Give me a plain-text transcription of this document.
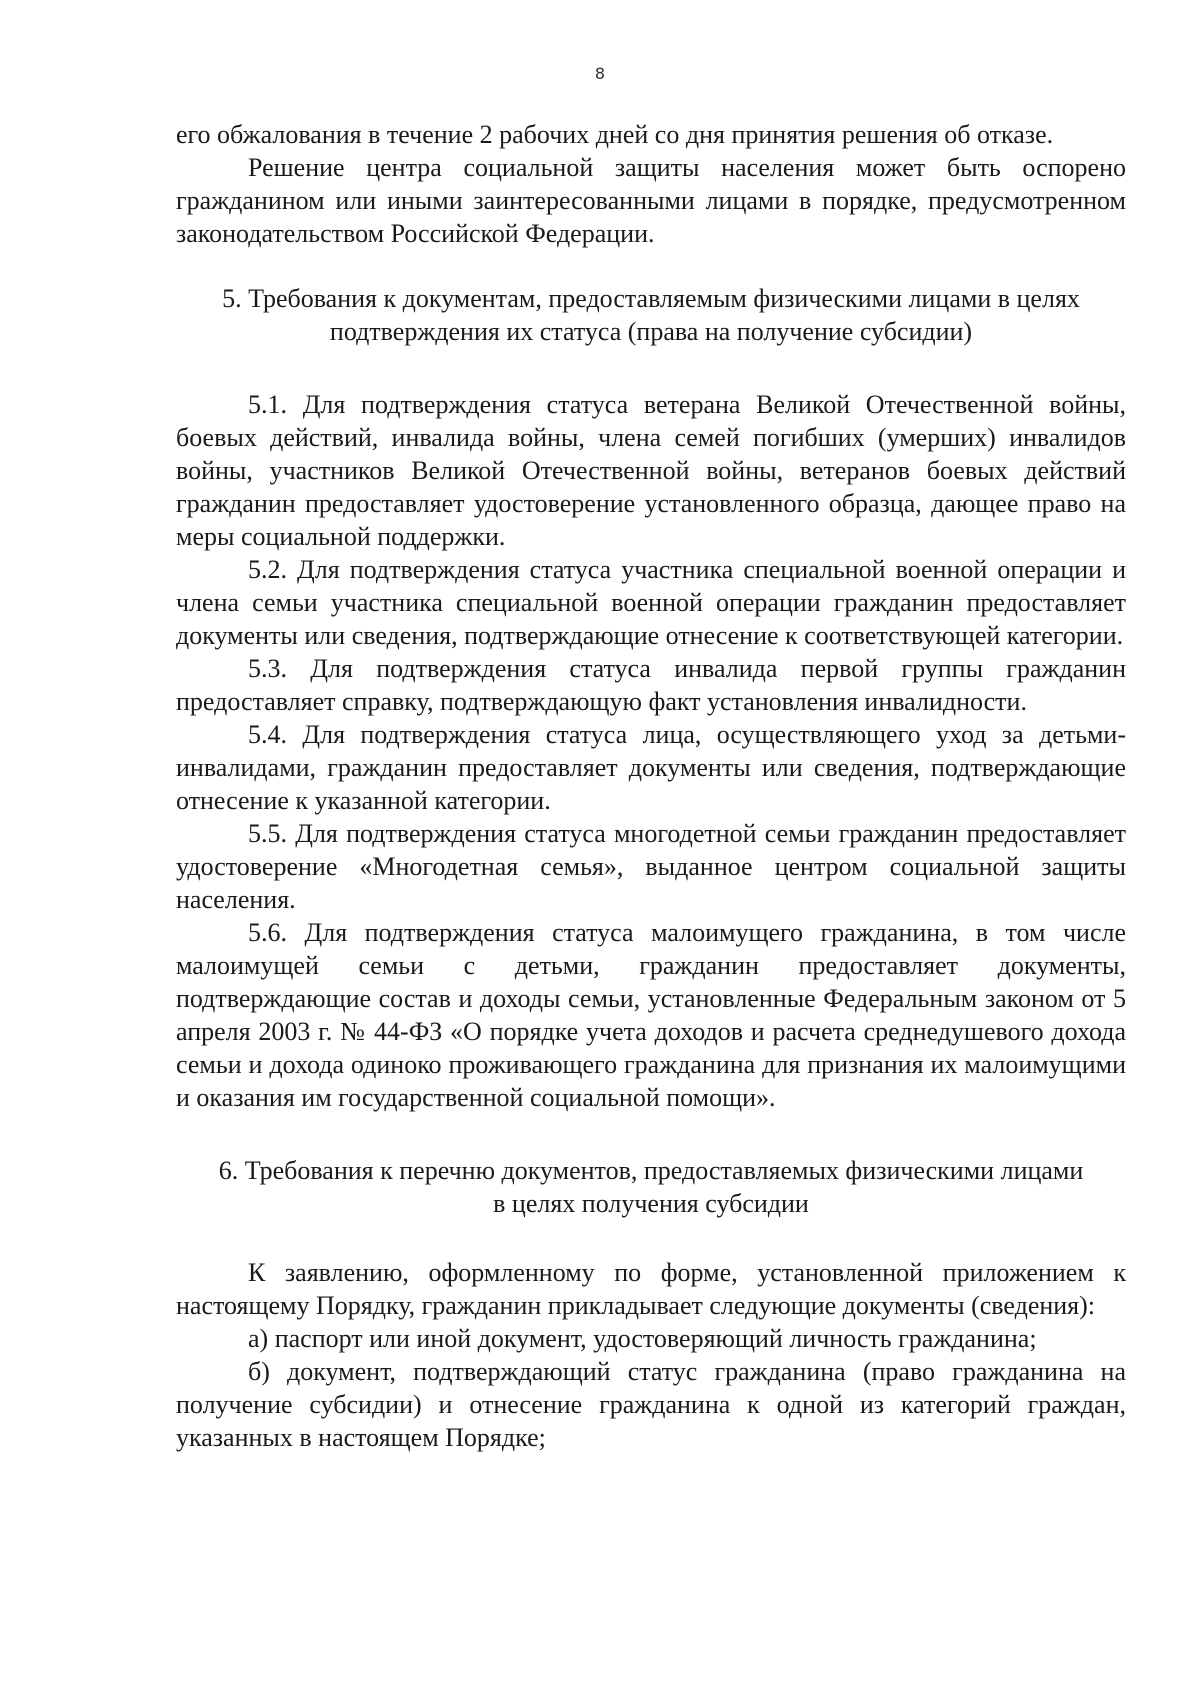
8

его обжалования в течение 2 рабочих дней со дня принятия решения об отказе.

Решение центра социальной защиты населения может быть оспорено гражданином или иными заинтересованными лицами в порядке, предусмотренном законодательством Российской Федерации.

5. Требования к документам, предоставляемым физическими лицами в целях
подтверждения их статуса (права на получение субсидии)

5.1. Для подтверждения статуса ветерана Великой Отечественной войны, боевых действий, инвалида войны, члена семей погибших (умерших) инвалидов войны, участников Великой Отечественной войны, ветеранов боевых действий гражданин предоставляет удостоверение установленного образца, дающее право на меры социальной поддержки.

5.2. Для подтверждения статуса участника специальной военной операции и члена семьи участника специальной военной операции гражданин предоставляет документы или сведения, подтверждающие отнесение к соответствующей категории.

5.3. Для подтверждения статуса инвалида первой группы гражданин предоставляет справку, подтверждающую факт установления инвалидности.

5.4. Для подтверждения статуса лица, осуществляющего уход за детьми-инвалидами, гражданин предоставляет документы или сведения, подтверждающие отнесение к указанной категории.

5.5. Для подтверждения статуса многодетной семьи гражданин предоставляет удостоверение «Многодетная семья», выданное центром социальной защиты населения.

5.6. Для подтверждения статуса малоимущего гражданина, в том числе малоимущей семьи с детьми, гражданин предоставляет документы, подтверждающие состав и доходы семьи, установленные Федеральным законом от 5 апреля 2003 г. № 44-ФЗ «О порядке учета доходов и расчета среднедушевого дохода семьи и дохода одиноко проживающего гражданина для признания их малоимущими и оказания им государственной социальной помощи».

6. Требования к перечню документов, предоставляемых физическими лицами
в целях получения субсидии

К заявлению, оформленному по форме, установленной приложением к настоящему Порядку, гражданин прикладывает следующие документы (сведения):

а) паспорт или иной документ, удостоверяющий личность гражданина;

б) документ, подтверждающий статус гражданина (право гражданина на получение субсидии) и отнесение гражданина к одной из категорий граждан, указанных в настоящем Порядке;
